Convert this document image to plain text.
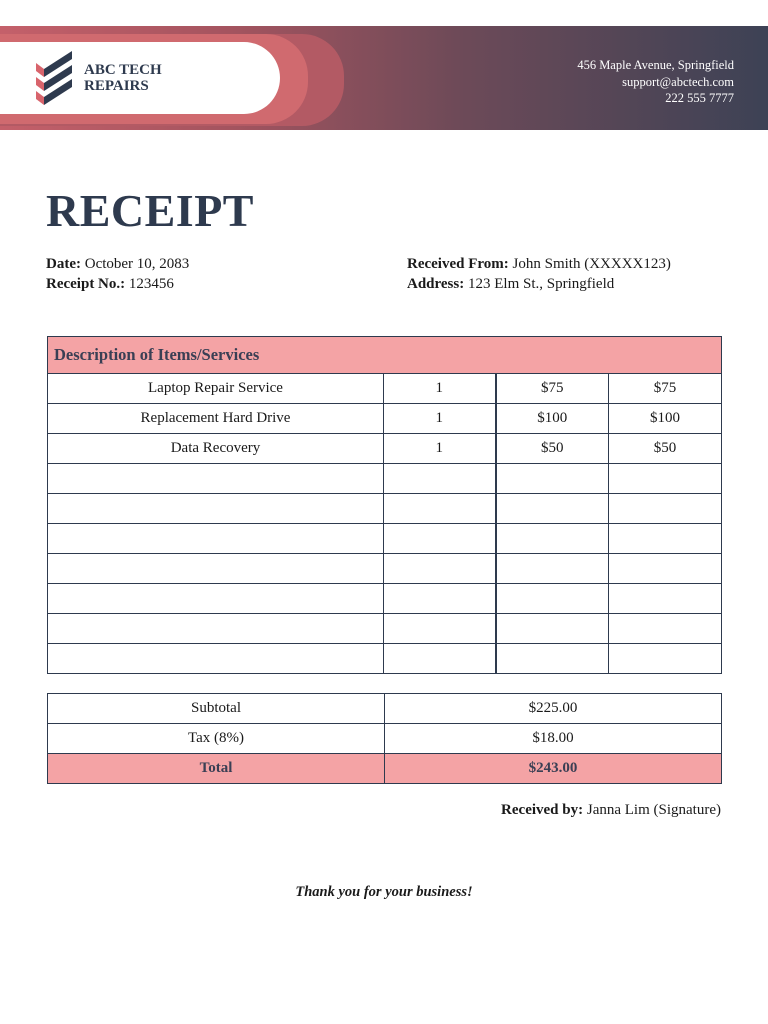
ABC TECH
REPAIRS
456 Maple Avenue, Springfield
support@abctech.com
222 555 7777
RECEIPT
Date: October 10, 2083
Receipt No.: 123456
Received From: John Smith (XXXXX123)
Address: 123 Elm St., Springfield
Description of Items/Services			
Laptop Repair Service	1	$75	$75
Replacement Hard Drive	1	$100	$100
Data Recovery	1	$50	$50

Subtotal	$225.00
Tax (8%)	$18.00
Total	$243.00
Received by: Janna Lim (Signature)
Thank you for your business!
